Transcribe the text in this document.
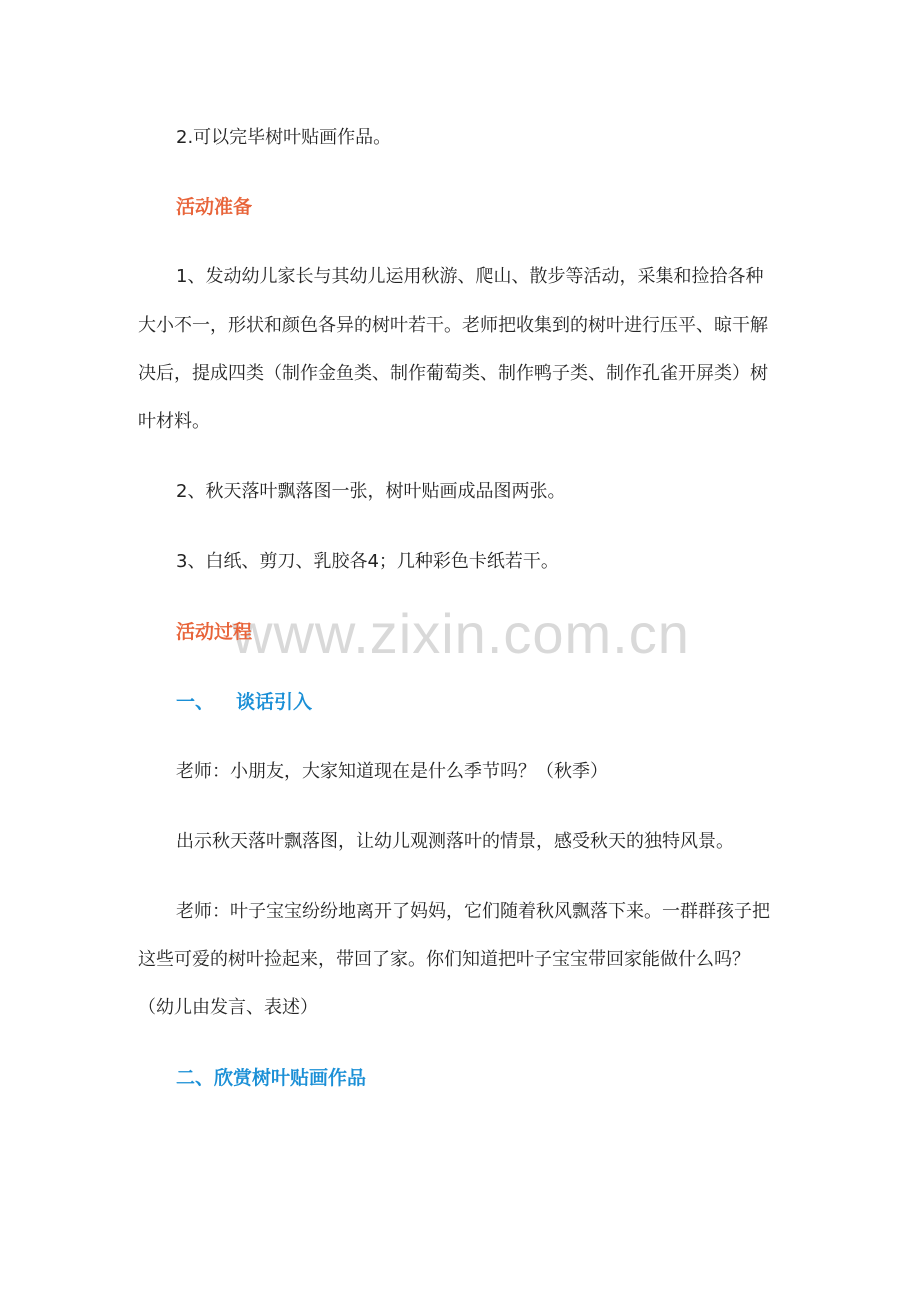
www.zixin.com.cn
2.可以完毕树叶贴画作品。
活动准备
1、发动幼儿家长与其幼儿运用秋游、爬山、散步等活动，采集和捡拾各种
大小不一，形状和颜色各异的树叶若干。老师把收集到的树叶进行压平、晾干解
决后，提成四类（制作金鱼类、制作葡萄类、制作鸭子类、制作孔雀开屏类）树
叶材料。
2、秋天落叶飘落图一张，树叶贴画成品图两张。
3、白纸、剪刀、乳胶各4；几种彩色卡纸若干。
活动过程
一、 谈话引入
老师：小朋友，大家知道现在是什么季节吗？（秋季）
出示秋天落叶飘落图，让幼儿观测落叶的情景，感受秋天的独特风景。
老师：叶子宝宝纷纷地离开了妈妈，它们随着秋风飘落下来。一群群孩子把
这些可爱的树叶捡起来，带回了家。你们知道把叶子宝宝带回家能做什么吗？
（幼儿由发言、表述）
二、欣赏树叶贴画作品
